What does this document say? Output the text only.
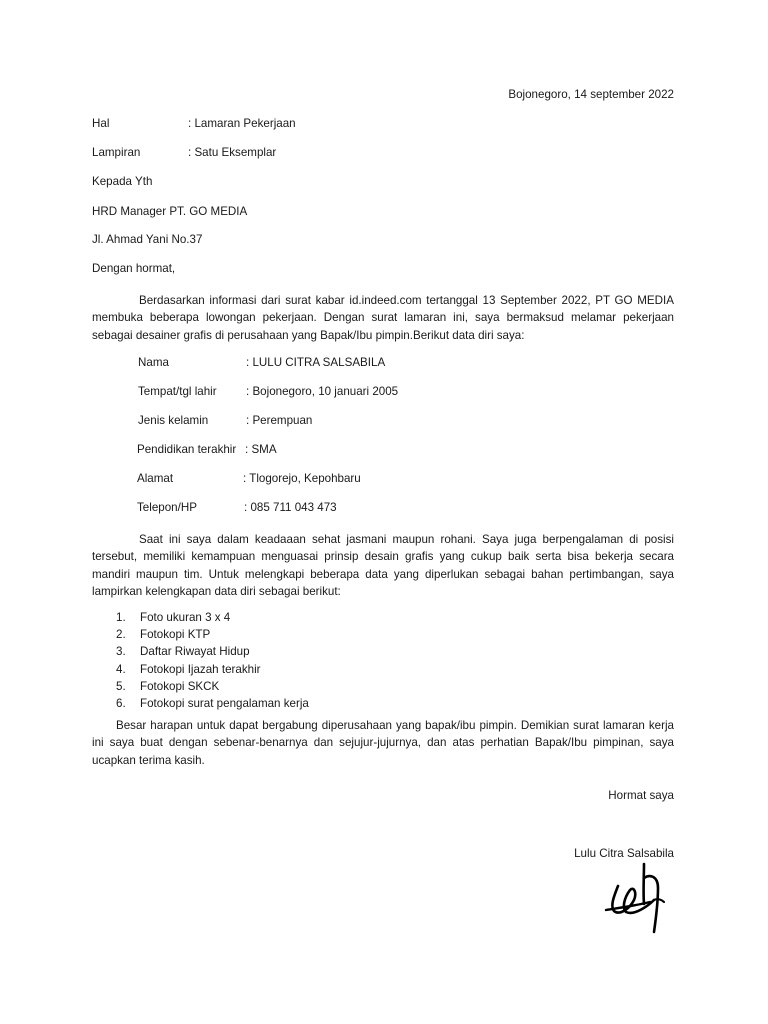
Bojonegoro, 14 september 2022
Hal	: Lamaran Pekerjaan
Lampiran	: Satu Eksemplar
Kepada Yth
HRD Manager PT. GO MEDIA
Jl. Ahmad Yani No.37
Dengan hormat,
Berdasarkan informasi dari surat kabar id.indeed.com tertanggal 13 September 2022, PT GO MEDIA membuka beberapa lowongan pekerjaan. Dengan surat lamaran ini, saya bermaksud melamar pekerjaan sebagai desainer grafis di perusahaan yang Bapak/Ibu pimpin.Berikut data diri saya:
Nama	: LULU CITRA SALSABILA
Tempat/tgl lahir	: Bojonegoro, 10 januari 2005
Jenis kelamin	: Perempuan
Pendidikan terakhir : SMA
Alamat	: Tlogorejo, Kepohbaru
Telepon/HP	: 085 711 043 473
Saat ini saya dalam keadaaan sehat jasmani maupun rohani. Saya juga berpengalaman di posisi tersebut, memiliki kemampuan menguasai prinsip desain grafis yang cukup baik serta bisa bekerja secara mandiri maupun tim. Untuk melengkapi beberapa data yang diperlukan sebagai bahan pertimbangan, saya lampirkan kelengkapan data diri sebagai berikut:
1. Foto ukuran 3 x 4
2. Fotokopi KTP
3. Daftar Riwayat Hidup
4. Fotokopi Ijazah terakhir
5. Fotokopi SKCK
6. Fotokopi surat pengalaman kerja
Besar harapan untuk dapat bergabung diperusahaan yang bapak/ibu pimpin. Demikian surat lamaran kerja ini saya buat dengan sebenar-benarnya dan sejujur-jujurnya, dan atas perhatian Bapak/Ibu pimpinan, saya ucapkan terima kasih.
Hormat saya
Lulu Citra Salsabila
